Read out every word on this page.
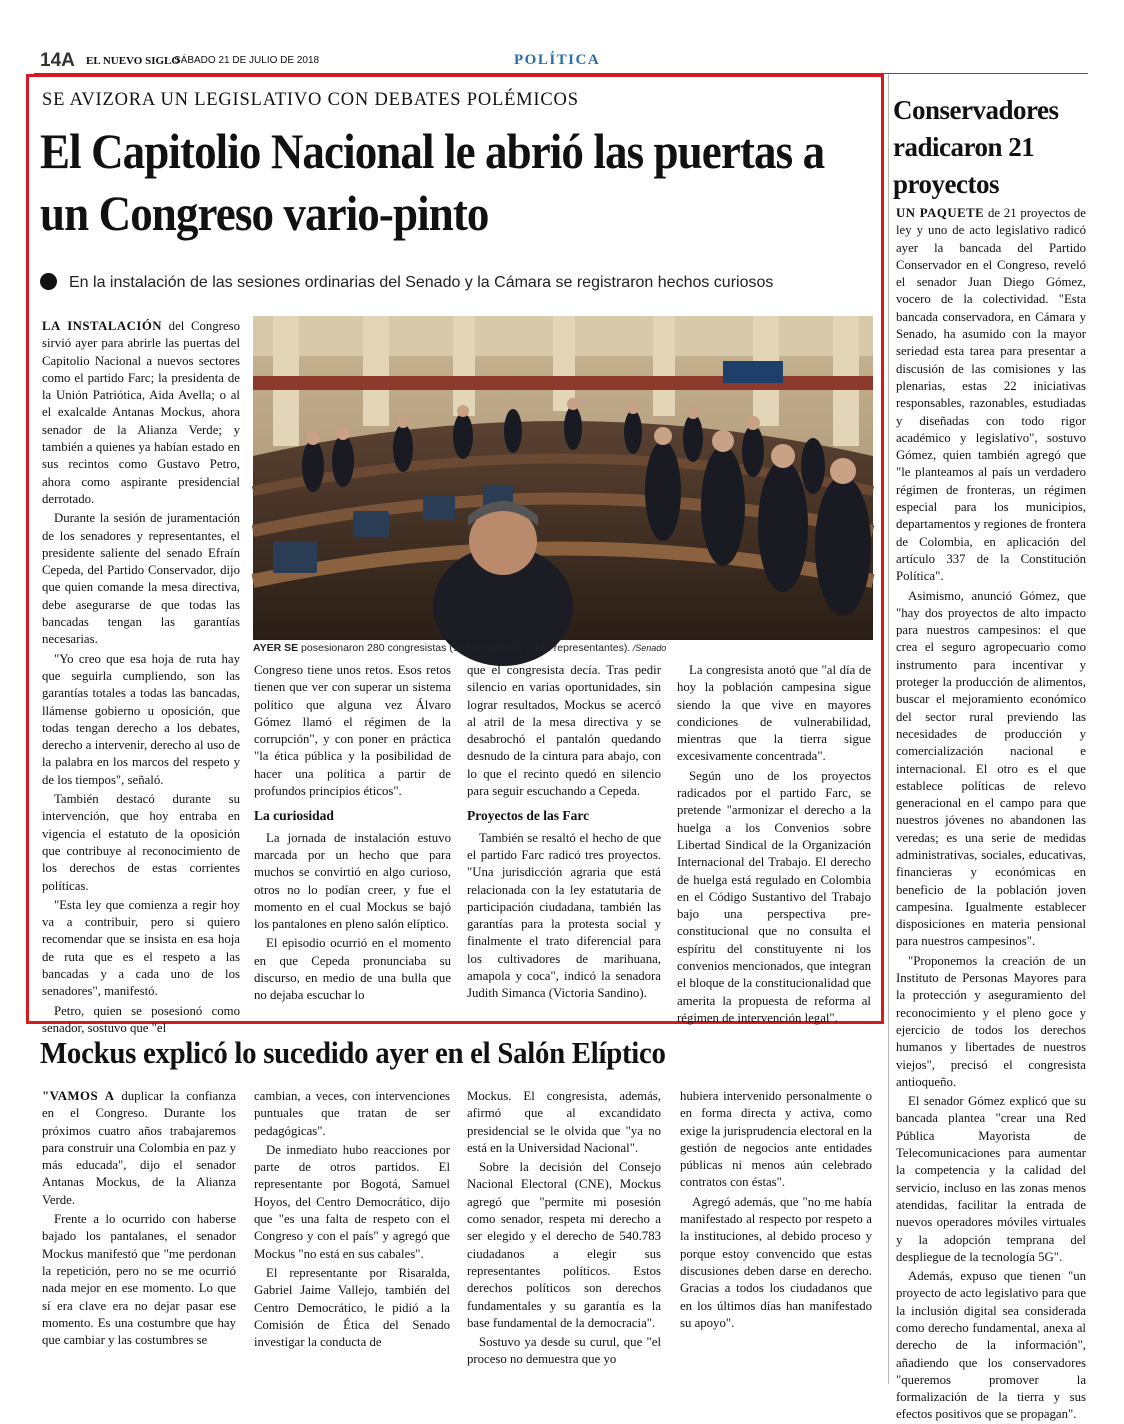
14A EL NUEVO SIGLO
SÁBADO 21 DE JULIO DE 2018	POLÍTICA
SE AVIZORA UN LEGISLATIVO CON DEBATES POLÉMICOS
El Capitolio Nacional le abrió las puertas a un Congreso vario-pinto
En la instalación de las sesiones ordinarias del Senado y la Cámara se registraron hechos curiosos

LA INSTALACIÓN del Congreso sirvió ayer para abrirle las puertas del Capitolio Nacional a nuevos sectores como el partido Farc; la presidenta de la Unión Patriótica, Aida Avella; o al el exalcalde Antanas Mockus, ahora senador de la Alianza Verde; y también a quienes ya habían estado en sus recintos como Gustavo Petro, ahora como aspirante presidencial derrotado.

Durante la sesión de juramentación de los senadores y representantes, el presidente saliente del senado Efraín Cepeda, del Partido Conservador, dijo que quien comande la mesa directiva, debe asegurarse de que todas las bancadas tengan las garantías necesarias.

"Yo creo que esa hoja de ruta hay que seguirla cumpliendo, son las garantías totales a todas las bancadas, llámense gobierno u oposición, que todas tengan derecho a los debates, derecho a intervenir, derecho al uso de la palabra en los marcos del respeto y de los tiempos", señaló.

También destacó durante su intervención, que hoy entraba en vigencia el estatuto de la oposición que contribuye al reconocimiento de los derechos de estas corrientes políticas.

"Esta ley que comienza a regir hoy va a contribuir, pero si quiero recomendar que se insista en esa hoja de ruta que es el respeto a las bancadas y a cada uno de los senadores", manifestó.

Petro, quien se posesionó como senador, sostuvo que "el

AYER SE posesionaron 280 congresistas (108 senadores y 172 representantes). /Senado

Congreso tiene unos retos. Esos retos tienen que ver con superar un sistema político que alguna vez Álvaro Gómez llamó el régimen de la corrupción", y con poner en práctica "la ética pública y la posibilidad de hacer una política a partir de profundos principios éticos".

La curiosidad

La jornada de instalación estuvo marcada por un hecho que para muchos se convirtió en algo curioso, otros no lo podían creer, y fue el momento en el cual Mockus se bajó los pantalones en pleno salón elíptico.

El episodio ocurrió en el momento en que Cepeda pronunciaba su discurso, en medio de una bulla que no dejaba escuchar lo

que el congresista decía. Tras pedir silencio en varias oportunidades, sin lograr resultados, Mockus se acercó al atril de la mesa directiva y se desabrochó el pantalón quedando desnudo de la cintura para abajo, con lo que el recinto quedó en silencio para seguir escuchando a Cepeda.

Proyectos de las Farc

También se resaltó el hecho de que el partido Farc radicó tres proyectos. "Una jurisdicción agraria que está relacionada con la ley estatutaria de participación ciudadana, también las garantías para la protesta social y finalmente el trato diferencial para los cultivadores de marihuana, amapola y coca", indicó la senadora Judith Simanca (Victoria Sandino).

La congresista anotó que "al día de hoy la población campesina sigue siendo la que vive en mayores condiciones de vulnerabilidad, mientras que la tierra sigue excesivamente concentrada".

Según uno de los proyectos radicados por el partido Farc, se pretende "armonizar el derecho a la huelga a los Convenios sobre Libertad Sindical de la Organización Internacional del Trabajo. El derecho de huelga está regulado en Colombia en el Código Sustantivo del Trabajo bajo una perspectiva pre-constitucional que no consulta el espíritu del constituyente ni los convenios mencionados, que integran el bloque de la constitucionalidad que amerita la propuesta de reforma al régimen de intervención legal".

Conservadores radicaron 21 proyectos

UN PAQUETE de 21 proyectos de ley y uno de acto legislativo radicó ayer la bancada del Partido Conservador en el Congreso, reveló el senador Juan Diego Gómez, vocero de la colectividad. "Esta bancada conservadora, en Cámara y Senado, ha asumido con la mayor seriedad esta tarea para presentar a discusión de las comisiones y las plenarias, estas 22 iniciativas responsables, razonables, estudiadas y diseñadas con todo rigor académico y legislativo", sostuvo Gómez, quien también agregó que "le planteamos al país un verdadero régimen de fronteras, un régimen especial para los municipios, departamentos y regiones de frontera de Colombia, en aplicación del artículo 337 de la Constitución Política".

Asimismo, anunció Gómez, que "hay dos proyectos de alto impacto para nuestros campesinos: el que crea el seguro agropecuario como instrumento para incentivar y proteger la producción de alimentos, buscar el mejoramiento económico del sector rural previendo las necesidades de producción y comercialización nacional e internacional. El otro es el que establece políticas de relevo generacional en el campo para que nuestros jóvenes no abandonen las veredas; es una serie de medidas administrativas, sociales, educativas, financieras y económicas en beneficio de la población joven campesina. Igualmente establecer disposiciones en materia pensional para nuestros campesinos".

"Proponemos la creación de un Instituto de Personas Mayores para la protección y aseguramiento del reconocimiento y el pleno goce y ejercicio de todos los derechos humanos y libertades de nuestros viejos", precisó el congresista antioqueño.

El senador Gómez explicó que su bancada plantea "crear una Red Pública Mayorista de Telecomunicaciones para aumentar la competencia y la calidad del servicio, incluso en las zonas menos atendidas, facilitar la entrada de nuevos operadores móviles virtuales y la adopción temprana del despliegue de la tecnología 5G".

Además, expuso que tienen "un proyecto de acto legislativo para que la inclusión digital sea considerada como derecho fundamental, anexa al derecho de la información", añadiendo que los conservadores "queremos promover la formalización de la tierra y sus efectos positivos que se propagan".

Mockus explicó lo sucedido ayer en el Salón Elíptico

"VAMOS A duplicar la confianza en el Congreso. Durante los próximos cuatro años trabajaremos para construir una Colombia en paz y más educada", dijo el senador Antanas Mockus, de la Alianza Verde.

Frente a lo ocurrido con haberse bajado los pantalanes, el senador Mockus manifestó que "me perdonan la repetición, pero no se me ocurrió nada mejor en ese momento. Lo que sí era clave era no dejar pasar ese momento. Es una costumbre que hay que cambiar y las costumbres se

cambian, a veces, con intervenciones puntuales que tratan de ser pedagógicas".

De inmediato hubo reacciones por parte de otros partidos. El representante por Bogotá, Samuel Hoyos, del Centro Democrático, dijo que "es una falta de respeto con el Congreso y con el país" y agregó que Mockus "no está en sus cabales".

El representante por Risaralda, Gabriel Jaime Vallejo, también del Centro Democrático, le pidió a la Comisión de Ética del Senado investigar la conducta de

Mockus. El congresista, además, afirmó que al excandidato presidencial se le olvida que "ya no está en la Universidad Nacional".

Sobre la decisión del Consejo Nacional Electoral (CNE), Mockus agregó que "permite mi posesión como senador, respeta mi derecho a ser elegido y el derecho de 540.783 ciudadanos a elegir sus representantes políticos. Estos derechos políticos son derechos fundamentales y su garantía es la base fundamental de la democracia".

Sostuvo ya desde su curul, que "el proceso no demuestra que yo

hubiera intervenido personalmente o en forma directa y activa, como exige la jurisprudencia electoral en la gestión de negocios ante entidades públicas ni menos aún celebrado contratos con éstas".

Agregó además, que "no me había manifestado al respecto por respeto a la instituciones, al debido proceso y porque estoy convencido que estas discusiones deben darse en derecho. Gracias a todos los ciudadanos que en los últimos días han manifestado su apoyo".
